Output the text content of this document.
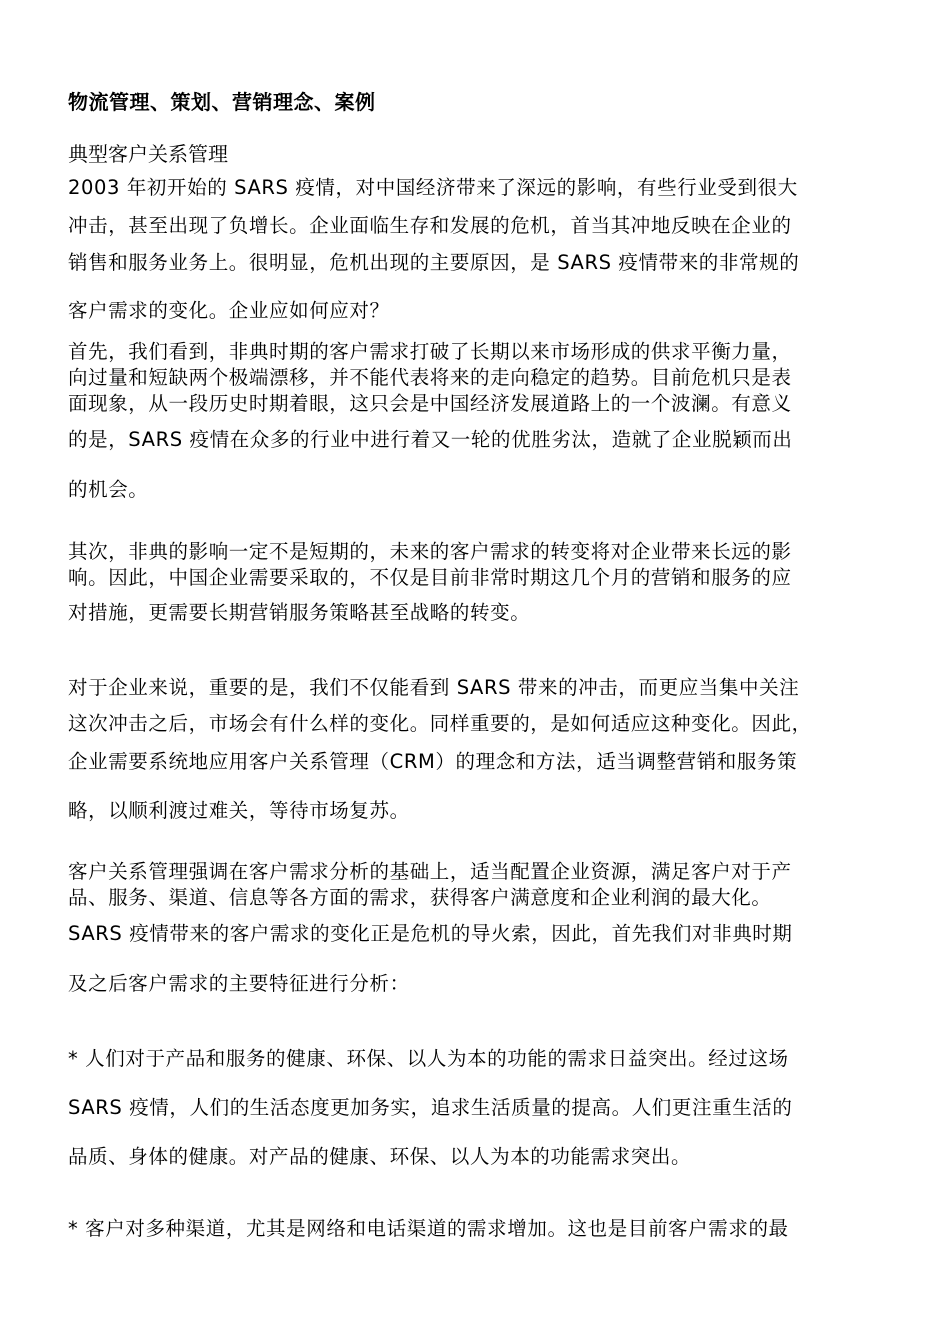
物流管理、策划、营销理念、案例
典型客户关系管理
2003 年初开始的 SARS 疫情，对中国经济带来了深远的影响，有些行业受到很大
冲击，甚至出现了负增长。企业面临生存和发展的危机，首当其冲地反映在企业的
销售和服务业务上。很明显，危机出现的主要原因，是 SARS 疫情带来的非常规的
客户需求的变化。企业应如何应对？
首先，我们看到，非典时期的客户需求打破了长期以来市场形成的供求平衡力量，
向过量和短缺两个极端漂移，并不能代表将来的走向稳定的趋势。目前危机只是表
面现象，从一段历史时期着眼，这只会是中国经济发展道路上的一个波澜。有意义
的是，SARS 疫情在众多的行业中进行着又一轮的优胜劣汰，造就了企业脱颖而出
的机会。
其次，非典的影响一定不是短期的，未来的客户需求的转变将对企业带来长远的影
响。因此，中国企业需要采取的，不仅是目前非常时期这几个月的营销和服务的应
对措施，更需要长期营销服务策略甚至战略的转变。
对于企业来说，重要的是，我们不仅能看到 SARS 带来的冲击，而更应当集中关注
这次冲击之后，市场会有什么样的变化。同样重要的，是如何适应这种变化。因此，
企业需要系统地应用客户关系管理（CRM）的理念和方法，适当调整营销和服务策
略，以顺利渡过难关，等待市场复苏。
客户关系管理强调在客户需求分析的基础上，适当配置企业资源，满足客户对于产
品、服务、渠道、信息等各方面的需求，获得客户满意度和企业利润的最大化。
SARS 疫情带来的客户需求的变化正是危机的导火索，因此，首先我们对非典时期
及之后客户需求的主要特征进行分析：
* 人们对于产品和服务的健康、环保、以人为本的功能的需求日益突出。经过这场
SARS 疫情，人们的生活态度更加务实，追求生活质量的提高。人们更注重生活的
品质、身体的健康。对产品的健康、环保、以人为本的功能需求突出。
* 客户对多种渠道，尤其是网络和电话渠道的需求增加。这也是目前客户需求的最
